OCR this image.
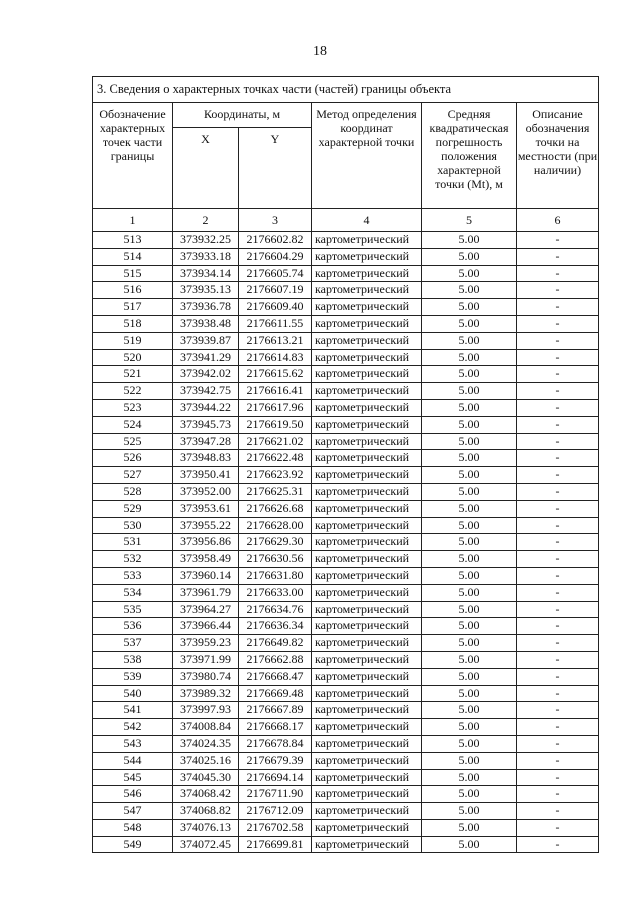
18
3. Сведения о характерных точках части (частей) границы объекта					

Обозначение характерных точек части границы	Координаты, м		Метод определения координат характерной точки	Средняя квадратическая погрешность положения характерной точки (Mt), м	Описание обозначения точки на местности (при наличии)

	X	Y			

1	2	3	4	5	6
513	373932.25	2176602.82	картометрический	5.00	-
514	373933.18	2176604.29	картометрический	5.00	-
515	373934.14	2176605.74	картометрический	5.00	-
516	373935.13	2176607.19	картометрический	5.00	-
517	373936.78	2176609.40	картометрический	5.00	-
518	373938.48	2176611.55	картометрический	5.00	-
519	373939.87	2176613.21	картометрический	5.00	-
520	373941.29	2176614.83	картометрический	5.00	-
521	373942.02	2176615.62	картометрический	5.00	-
522	373942.75	2176616.41	картометрический	5.00	-
523	373944.22	2176617.96	картометрический	5.00	-
524	373945.73	2176619.50	картометрический	5.00	-
525	373947.28	2176621.02	картометрический	5.00	-
526	373948.83	2176622.48	картометрический	5.00	-
527	373950.41	2176623.92	картометрический	5.00	-
528	373952.00	2176625.31	картометрический	5.00	-
529	373953.61	2176626.68	картометрический	5.00	-
530	373955.22	2176628.00	картометрический	5.00	-
531	373956.86	2176629.30	картометрический	5.00	-
532	373958.49	2176630.56	картометрический	5.00	-
533	373960.14	2176631.80	картометрический	5.00	-
534	373961.79	2176633.00	картометрический	5.00	-
535	373964.27	2176634.76	картометрический	5.00	-
536	373966.44	2176636.34	картометрический	5.00	-
537	373959.23	2176649.82	картометрический	5.00	-
538	373971.99	2176662.88	картометрический	5.00	-
539	373980.74	2176668.47	картометрический	5.00	-
540	373989.32	2176669.48	картометрический	5.00	-
541	373997.93	2176667.89	картометрический	5.00	-
542	374008.84	2176668.17	картометрический	5.00	-
543	374024.35	2176678.84	картометрический	5.00	-
544	374025.16	2176679.39	картометрический	5.00	-
545	374045.30	2176694.14	картометрический	5.00	-
546	374068.42	2176711.90	картометрический	5.00	-
547	374068.82	2176712.09	картометрический	5.00	-
548	374076.13	2176702.58	картометрический	5.00	-
549	374072.45	2176699.81	картометрический	5.00	-
